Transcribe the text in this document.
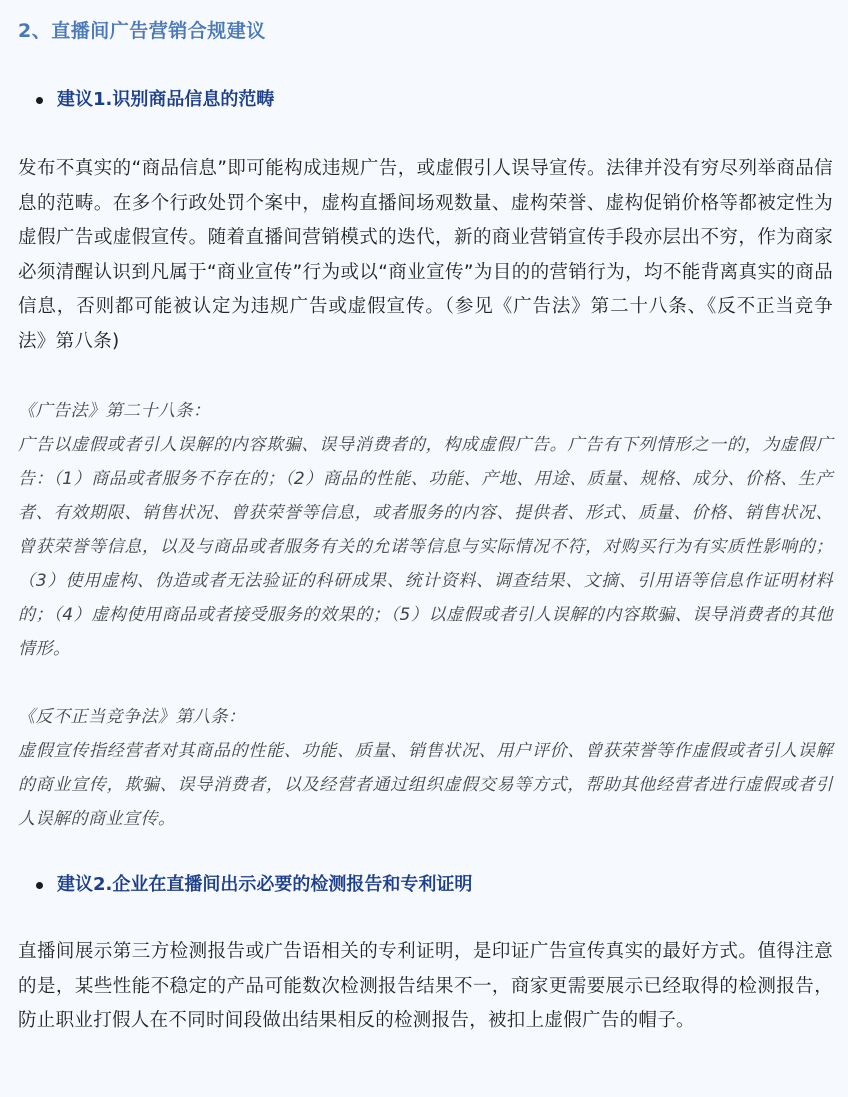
2、直播间广告营销合规建议
建议1.识别商品信息的范畴

发布不真实的“商品信息”即可能构成违规广告，或虚假引人误导宣传。法律并没有穷尽列举商品信息的范畴。在多个行政处罚个案中，虚构直播间场观数量、虚构荣誉、虚构促销价格等都被定性为虚假广告或虚假宣传。随着直播间营销模式的迭代，新的商业营销宣传手段亦层出不穷，作为商家必须清醒认识到凡属于“商业宣传”行为或以“商业宣传”为目的的营销行为，均不能背离真实的商品信息，否则都可能被认定为违规广告或虚假宣传。（参见《广告法》第二十八条、《反不正当竞争法》第八条)

《广告法》第二十八条：
广告以虚假或者引人误解的内容欺骗、误导消费者的，构成虚假广告。广告有下列情形之一的，为虚假广告：（1）商品或者服务不存在的；（2）商品的性能、功能、产地、用途、质量、规格、成分、价格、生产者、有效期限、销售状况、曾获荣誉等信息，或者服务的内容、提供者、形式、质量、价格、销售状况、曾获荣誉等信息，以及与商品或者服务有关的允诺等信息与实际情况不符，对购买行为有实质性影响的；（3）使用虚构、伪造或者无法验证的科研成果、统计资料、调查结果、文摘、引用语等信息作证明材料的；（4）虚构使用商品或者接受服务的效果的；（5）以虚假或者引人误解的内容欺骗、误导消费者的其他情形。
《反不正当竞争法》第八条：
虚假宣传指经营者对其商品的性能、功能、质量、销售状况、用户评价、曾获荣誉等作虚假或者引人误解的商业宣传，欺骗、误导消费者，以及经营者通过组织虚假交易等方式，帮助其他经营者进行虚假或者引人误解的商业宣传。
建议2.企业在直播间出示必要的检测报告和专利证明

直播间展示第三方检测报告或广告语相关的专利证明，是印证广告宣传真实的最好方式。值得注意的是，某些性能不稳定的产品可能数次检测报告结果不一，商家更需要展示已经取得的检测报告，防止职业打假人在不同时间段做出结果相反的检测报告，被扣上虚假广告的帽子。
